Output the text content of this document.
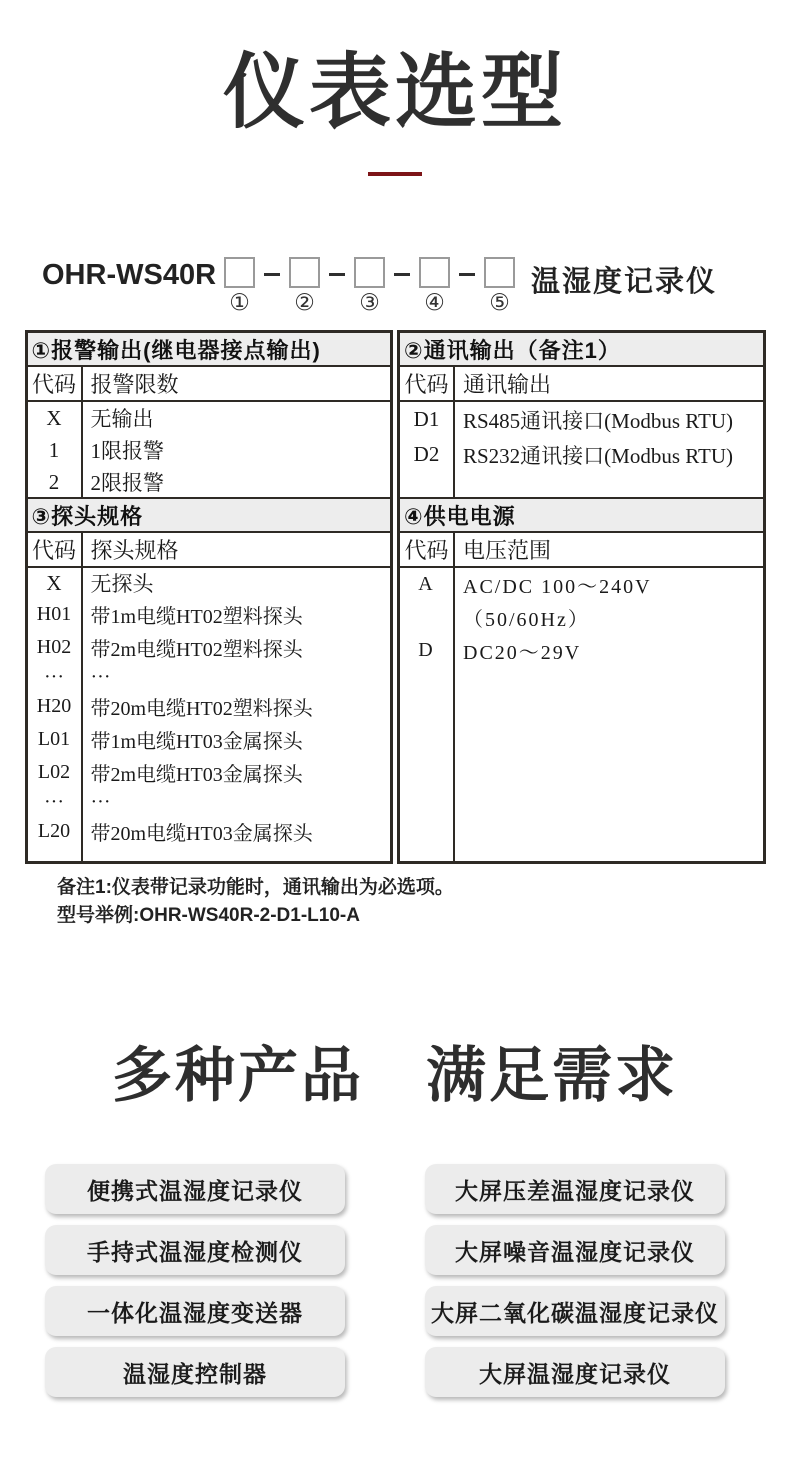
仪表选型
OHR-WS40R
① ② ③ ④ ⑤
温湿度记录仪
①报警输出(继电器接点输出)
代码 报警限数
X	无输出
1	1限报警
2	2限报警
③探头规格
代码 探头规格
X	无探头
H01 带1m电缆HT02塑料探头
H02 带2m电缆HT02塑料探头
···	···
H20 带20m电缆HT02塑料探头
L01	带1m电缆HT03金属探头
L02	带2m电缆HT03金属探头
···	···
L20	带20m电缆HT03金属探头
②通讯输出（备注1）
代码 通讯输出
D1	RS485通讯接口(Modbus RTU)
D2	RS232通讯接口(Modbus RTU)
④供电电源
代码 电压范围
A	AC/DC 100～240V
（50/60Hz）
D	DC20～29V
备注1:仪表带记录功能时，通讯输出为必选项。
型号举例:OHR-WS40R-2-D1-L10-A
多种产品 满足需求
便携式温湿度记录仪	大屏压差温湿度记录仪
手持式温湿度检测仪	大屏噪音温湿度记录仪
一体化温湿度变送器	大屏二氧化碳温湿度记录仪
温湿度控制器	大屏温湿度记录仪
